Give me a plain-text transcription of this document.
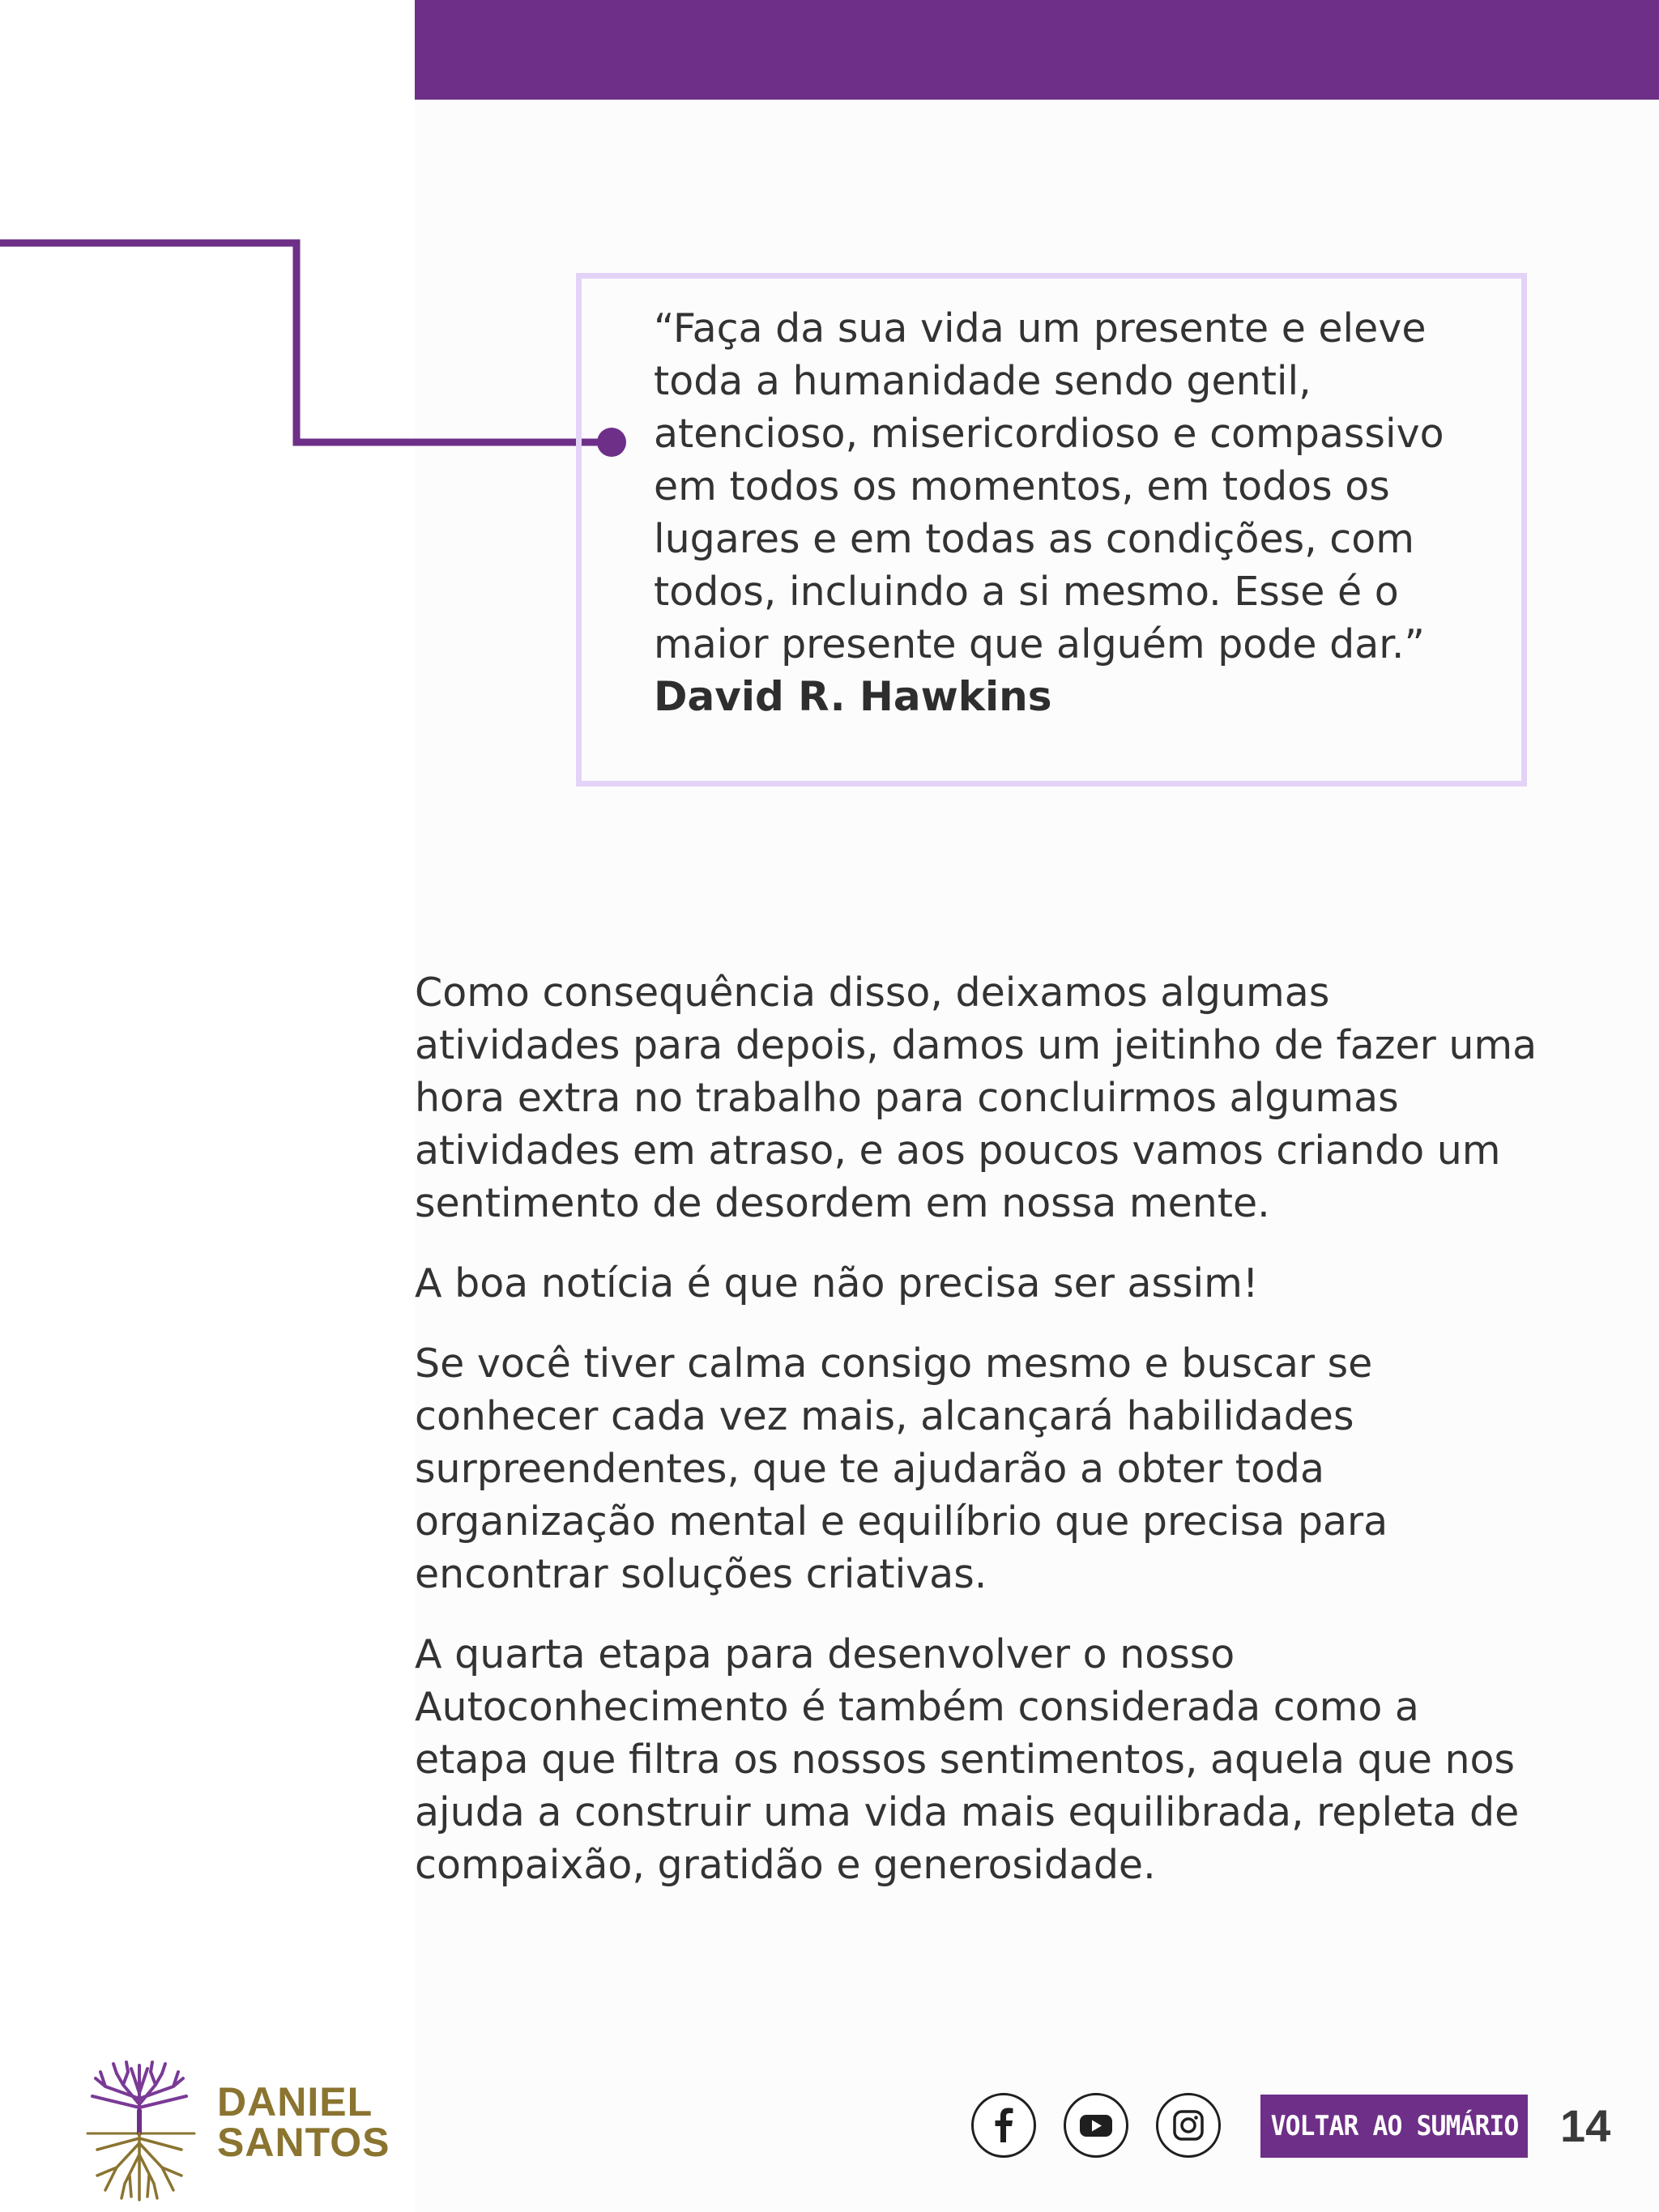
“Faça da sua vida um presente e eleve toda a humanidade sendo gentil, atencioso, misericordioso e compassivo em todos os momentos, em todos os lugares e em todas as condições, com todos, incluindo a si mesmo. Esse é o maior presente que alguém pode dar.”

David R. Hawkins

Como consequência disso, deixamos algumas atividades para depois, damos um jeitinho de fazer uma hora extra no trabalho para concluirmos algumas atividades em atraso, e aos poucos vamos criando um sentimento de desordem em nossa mente.

A boa notícia é que não precisa ser assim!

Se você tiver calma consigo mesmo e buscar se conhecer cada vez mais, alcançará habilidades surpreendentes, que te ajudarão a obter toda organização mental e equilíbrio que precisa para encontrar soluções criativas.

A quarta etapa para desenvolver o nosso Autoconhecimento é também considerada como a etapa que filtra os nossos sentimentos, aquela que nos ajuda a construir uma vida mais equilibrada, repleta de compaixão, gratidão e generosidade.

DANIEL
SANTOS	VOLTAR AO SUMÁRIO 14
